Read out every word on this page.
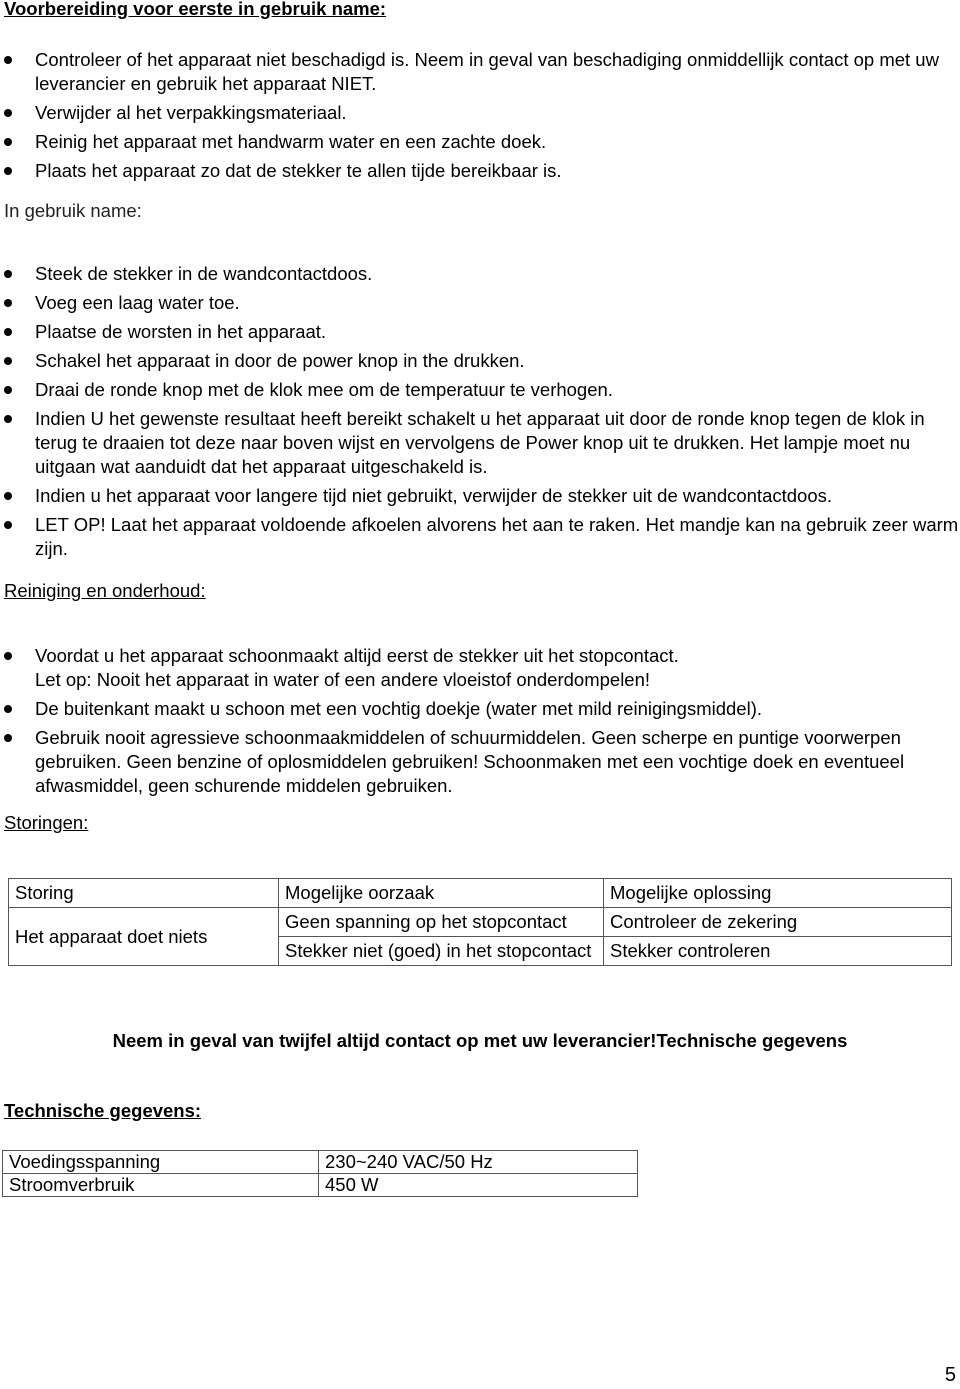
Voorbereiding voor eerste in gebruik name:
Controleer of het apparaat niet beschadigd is. Neem in geval van beschadiging onmiddellijk contact op met uw leverancier en gebruik het apparaat NIET.
Verwijder al het verpakkingsmateriaal.
Reinig het apparaat met handwarm water en een zachte doek.
Plaats het apparaat zo dat de stekker te allen tijde bereikbaar is.
In gebruik name:
Steek de stekker in de wandcontactdoos.
Voeg een laag water toe.
Plaatse de worsten in het apparaat.
Schakel het apparaat in door de power knop in the drukken.
Draai de ronde knop met de klok mee om de temperatuur te verhogen.
Indien U het gewenste resultaat heeft bereikt schakelt u het apparaat uit door de ronde knop tegen de klok in terug te draaien tot deze naar boven wijst en vervolgens de Power knop uit te drukken. Het lampje moet nu uitgaan wat aanduidt dat het apparaat uitgeschakeld is.
Indien u het apparaat voor langere tijd niet gebruikt, verwijder de stekker uit de wandcontactdoos.
LET OP! Laat het apparaat voldoende afkoelen alvorens het aan te raken. Het mandje kan na gebruik zeer warm zijn.
Reiniging en onderhoud:
Voordat u het apparaat schoonmaakt altijd eerst de stekker uit het stopcontact.
Let op: Nooit het apparaat in water of een andere vloeistof onderdompelen!
De buitenkant maakt u schoon met een vochtig doekje (water met mild reinigingsmiddel).
Gebruik nooit agressieve schoonmaakmiddelen of schuurmiddelen. Geen scherpe en puntige voorwerpen gebruiken. Geen benzine of oplosmiddelen gebruiken! Schoonmaken met een vochtige doek en eventueel afwasmiddel, geen schurende middelen gebruiken.
Storingen:
Storing	Mogelijke oorzaak	Mogelijke oplossing
Het apparaat doet niets	Geen spanning op het stopcontact	Controleer de zekering
	Stekker niet (goed) in het stopcontact	Stekker controleren
Neem in geval van twijfel altijd contact op met uw leverancier!Technische gegevens
Technische gegevens:
Voedingsspanning	230~240 VAC/50 Hz
Stroomverbruik	450 W
5
